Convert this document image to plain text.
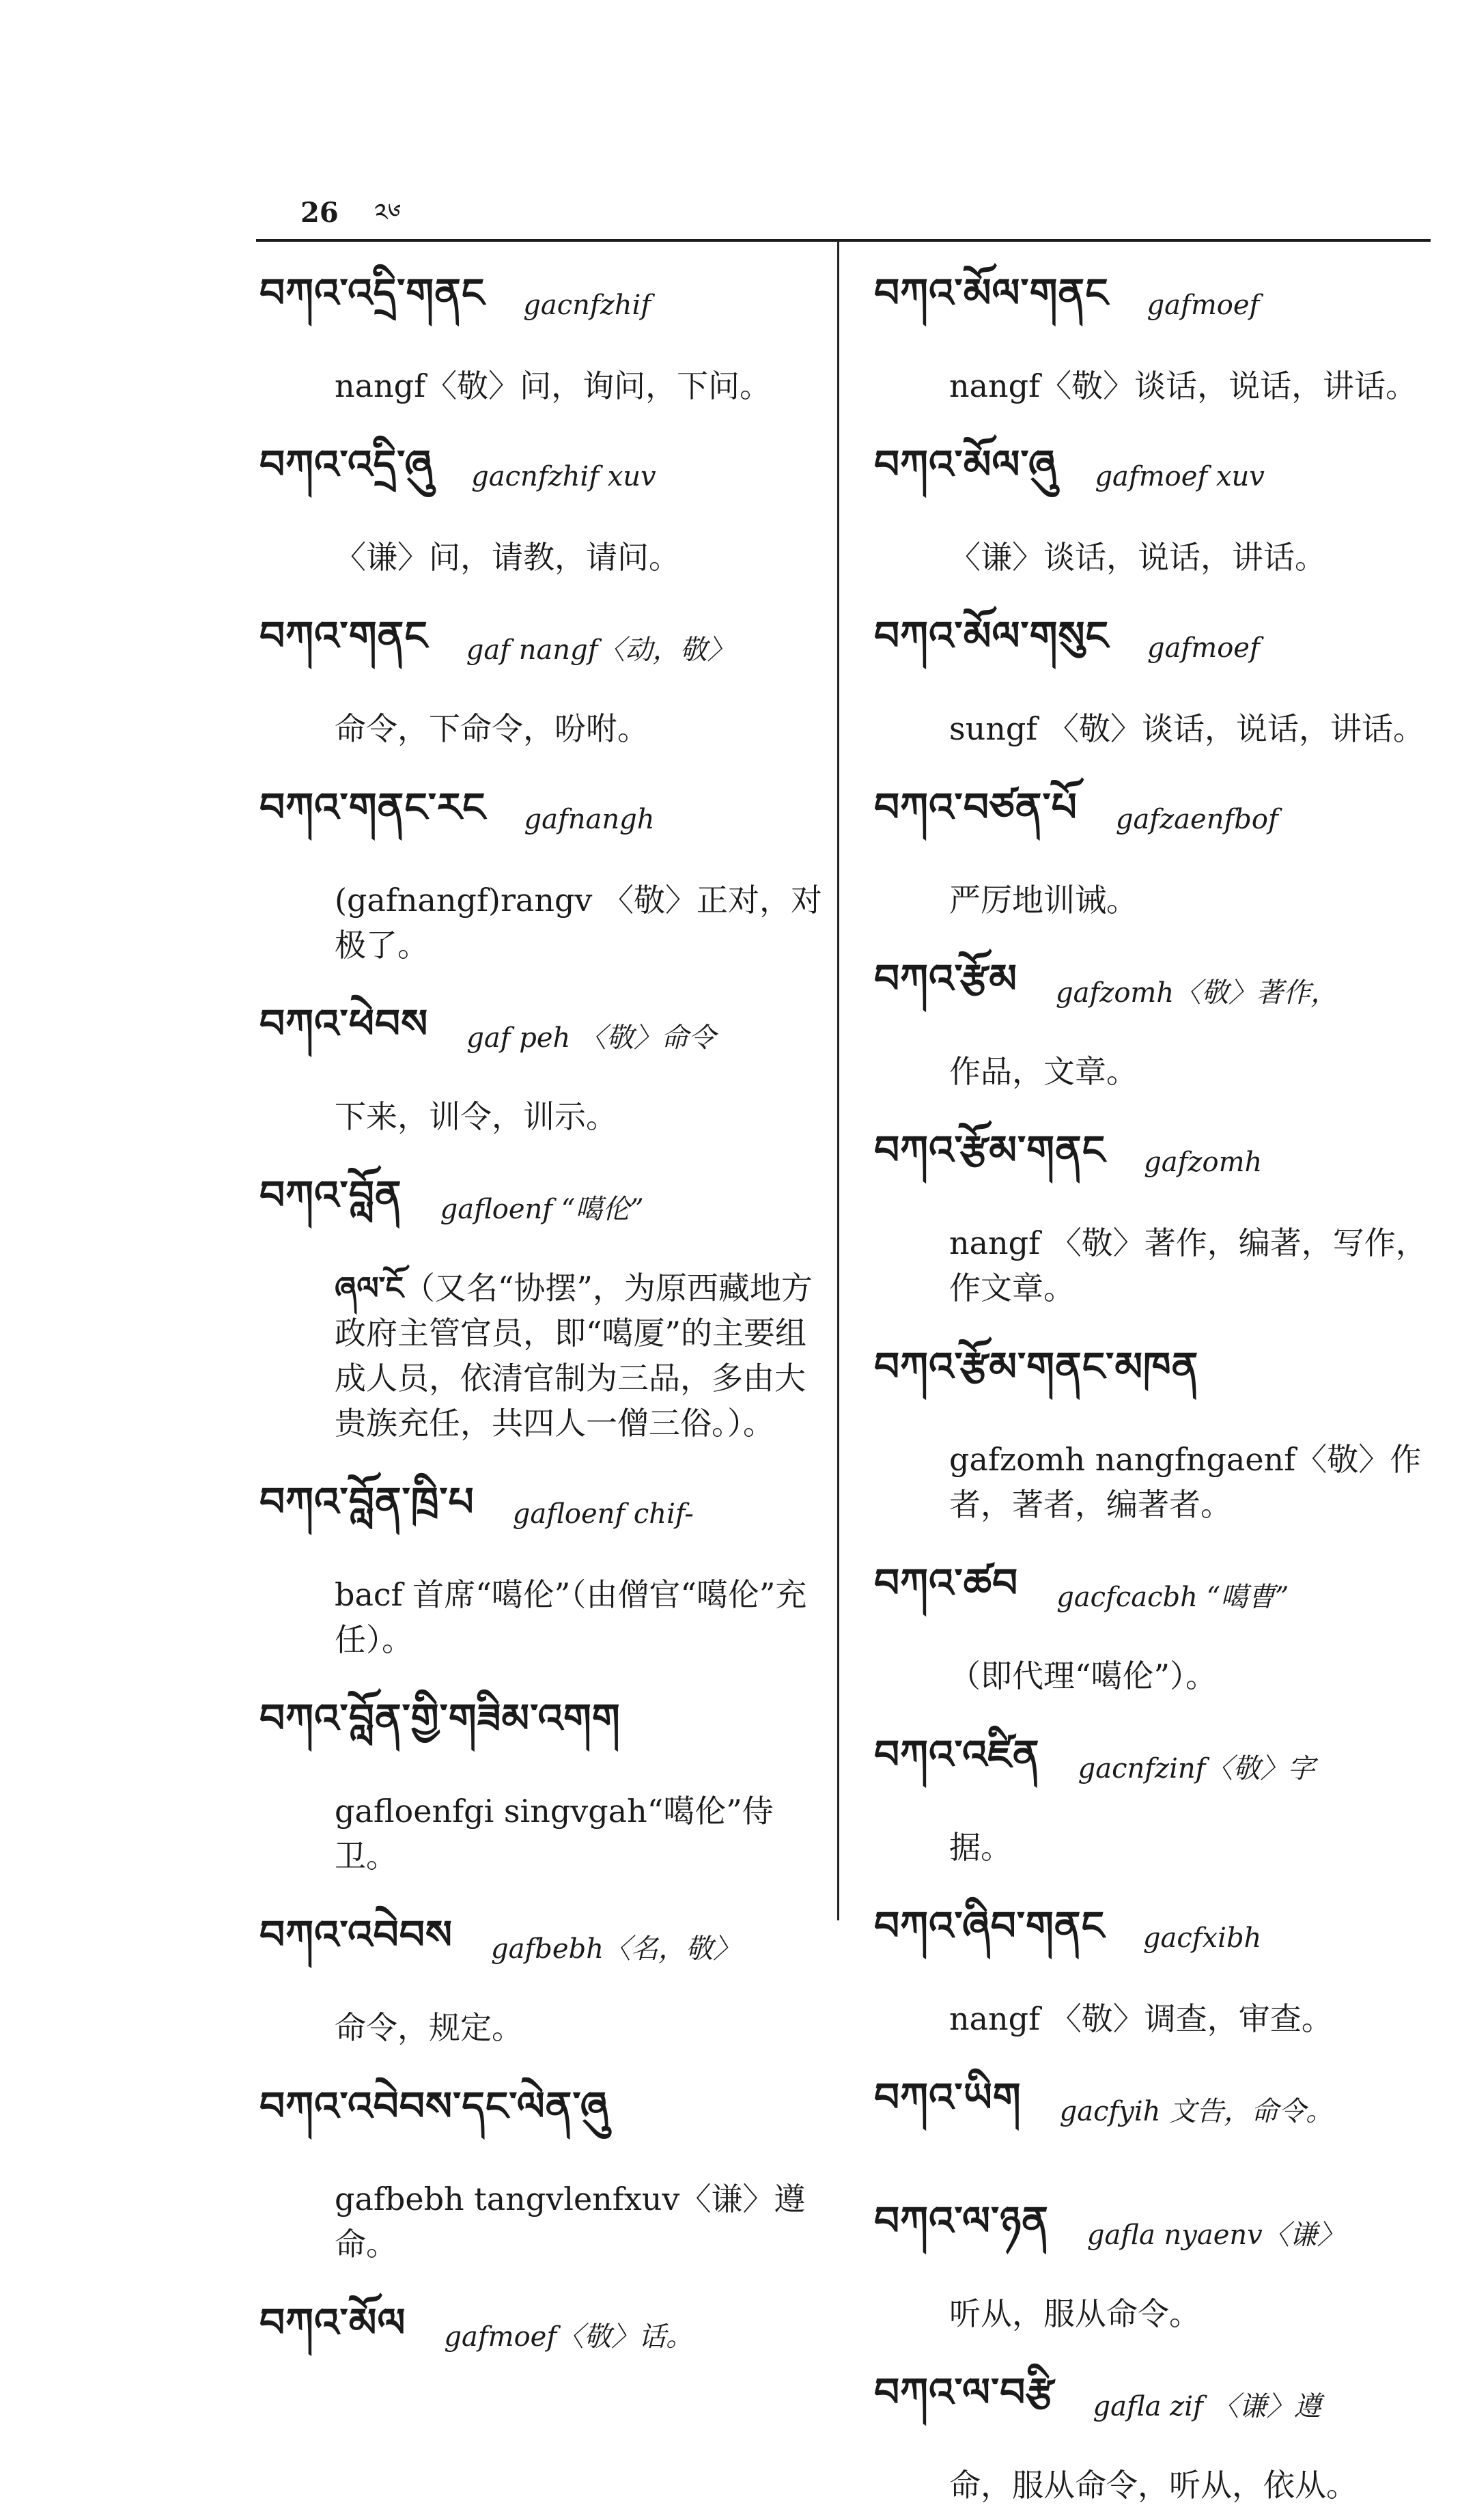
26 ༢༦
བཀའ་འདྲི་གནང gacnfzhif
nangf〈敬〉问，询问，下问。
བཀའ་འདྲི་ཞུ gacnfzhif xuv
〈谦〉问，请教，请问。
བཀའ་གནང gaf nangf〈动，敬〉
命令，下命令，吩咐。
བཀའ་གནང་རང gafnangh
(gafnangf)rangv 〈敬〉正对，对极了。
བཀའ་ཕེབས gaf peh 〈敬〉命令
下来，训令，训示。
བཀའ་བློན gafloenf “噶伦”
ཞལ་ངོ（又名“协摆”，为原西藏地方政府主管官员，即“噶厦”的主要组成人员，依清官制为三品，多由大贵族充任，共四人一僧三俗。）。
བཀའ་བློན་ཁྲི་པ gafloenf chif-
bacf 首席“噶伦”（由僧官“噶伦”充任）。
བཀའ་བློན་གྱི་གཟིམ་འགག
gafloenfgi singvgah“噶伦”侍卫。
བཀའ་འབེབས gafbebh〈名，敬〉
命令，规定。
བཀའ་འབེབས་དང་ལེན་ཞུ
gafbebh tangvlenfxuv〈谦〉遵命。
བཀའ་མོལ gafmoef〈敬〉话。
བཀའ་མོལ་གནང gafmoef
nangf〈敬〉谈话，说话，讲话。
བཀའ་མོལ་ཞུ gafmoef xuv
〈谦〉谈话，说话，讲话。
བཀའ་མོལ་གསུང gafmoef
sungf 〈敬〉谈话，说话，讲话。
བཀའ་བཙན་པོ gafzaenfbof
严厉地训诫。
བཀའ་རྩོམ gafzomh〈敬〉著作，
作品，文章。
བཀའ་རྩོམ་གནང gafzomh
nangf 〈敬〉著作，编著，写作，作文章。
བཀའ་རྩོམ་གནང་མཁན
gafzomh nangfngaenf〈敬〉作者，著者，编著者。
བཀའ་ཚབ gacfcacbh “噶曹”
（即代理“噶伦”）。
བཀའ་འཛིན gacnfzinf〈敬〉字
据。
བཀའ་ཞིབ་གནང gacfxibh
nangf 〈敬〉调查，审查。
བཀའ་ཡིག gacfyih 文告，命令。
བཀའ་ལ་ཉན gafla nyaenv〈谦〉
听从，服从命令。
བཀའ་ལ་བརྩི gafla zif 〈谦〉遵
命，服从命令，听从，依从。
